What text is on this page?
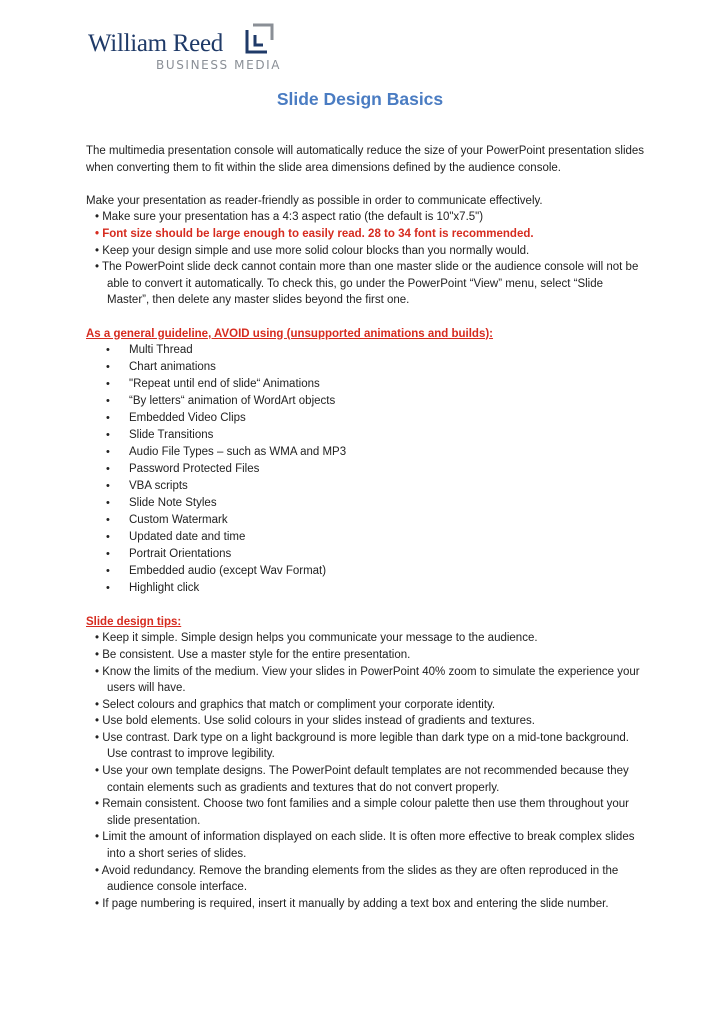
William Reed
BUSINESS MEDIA
Slide Design Basics

The multimedia presentation console will automatically reduce the size of your PowerPoint presentation slides when converting them to fit within the slide area dimensions defined by the audience console.

Make your presentation as reader-friendly as possible in order to communicate effectively.

• Make sure your presentation has a 4:3 aspect ratio (the default is 10"x7.5")

• Font size should be large enough to easily read. 28 to 34 font is recommended.

• Keep your design simple and use more solid colour blocks than you normally would.

• The PowerPoint slide deck cannot contain more than one master slide or the audience console will not be able to convert it automatically. To check this, go under the PowerPoint “View” menu, select “Slide Master”, then delete any master slides beyond the first one.

As a general guideline, AVOID using (unsupported animations and builds):

•	Multi Thread
•	Chart animations
•	"Repeat until end of slide“ Animations
•	“By letters“ animation of WordArt objects
•	Embedded Video Clips
•	Slide Transitions
•	Audio File Types – such as WMA and MP3
•	Password Protected Files
•	VBA scripts
•	Slide Note Styles
•	Custom Watermark
•	Updated date and time
•	Portrait Orientations
•	Embedded audio (except Wav Format)
•	Highlight click

Slide design tips:

• Keep it simple. Simple design helps you communicate your message to the audience.

• Be consistent. Use a master style for the entire presentation.

• Know the limits of the medium. View your slides in PowerPoint 40% zoom to simulate the experience your users will have.

• Select colours and graphics that match or compliment your corporate identity.

• Use bold elements. Use solid colours in your slides instead of gradients and textures.

• Use contrast. Dark type on a light background is more legible than dark type on a mid-tone background. Use contrast to improve legibility.

• Use your own template designs. The PowerPoint default templates are not recommended because they contain elements such as gradients and textures that do not convert properly.

• Remain consistent. Choose two font families and a simple colour palette then use them throughout your slide presentation.

• Limit the amount of information displayed on each slide. It is often more effective to break complex slides into a short series of slides.

• Avoid redundancy. Remove the branding elements from the slides as they are often reproduced in the audience console interface.

• If page numbering is required, insert it manually by adding a text box and entering the slide number.
